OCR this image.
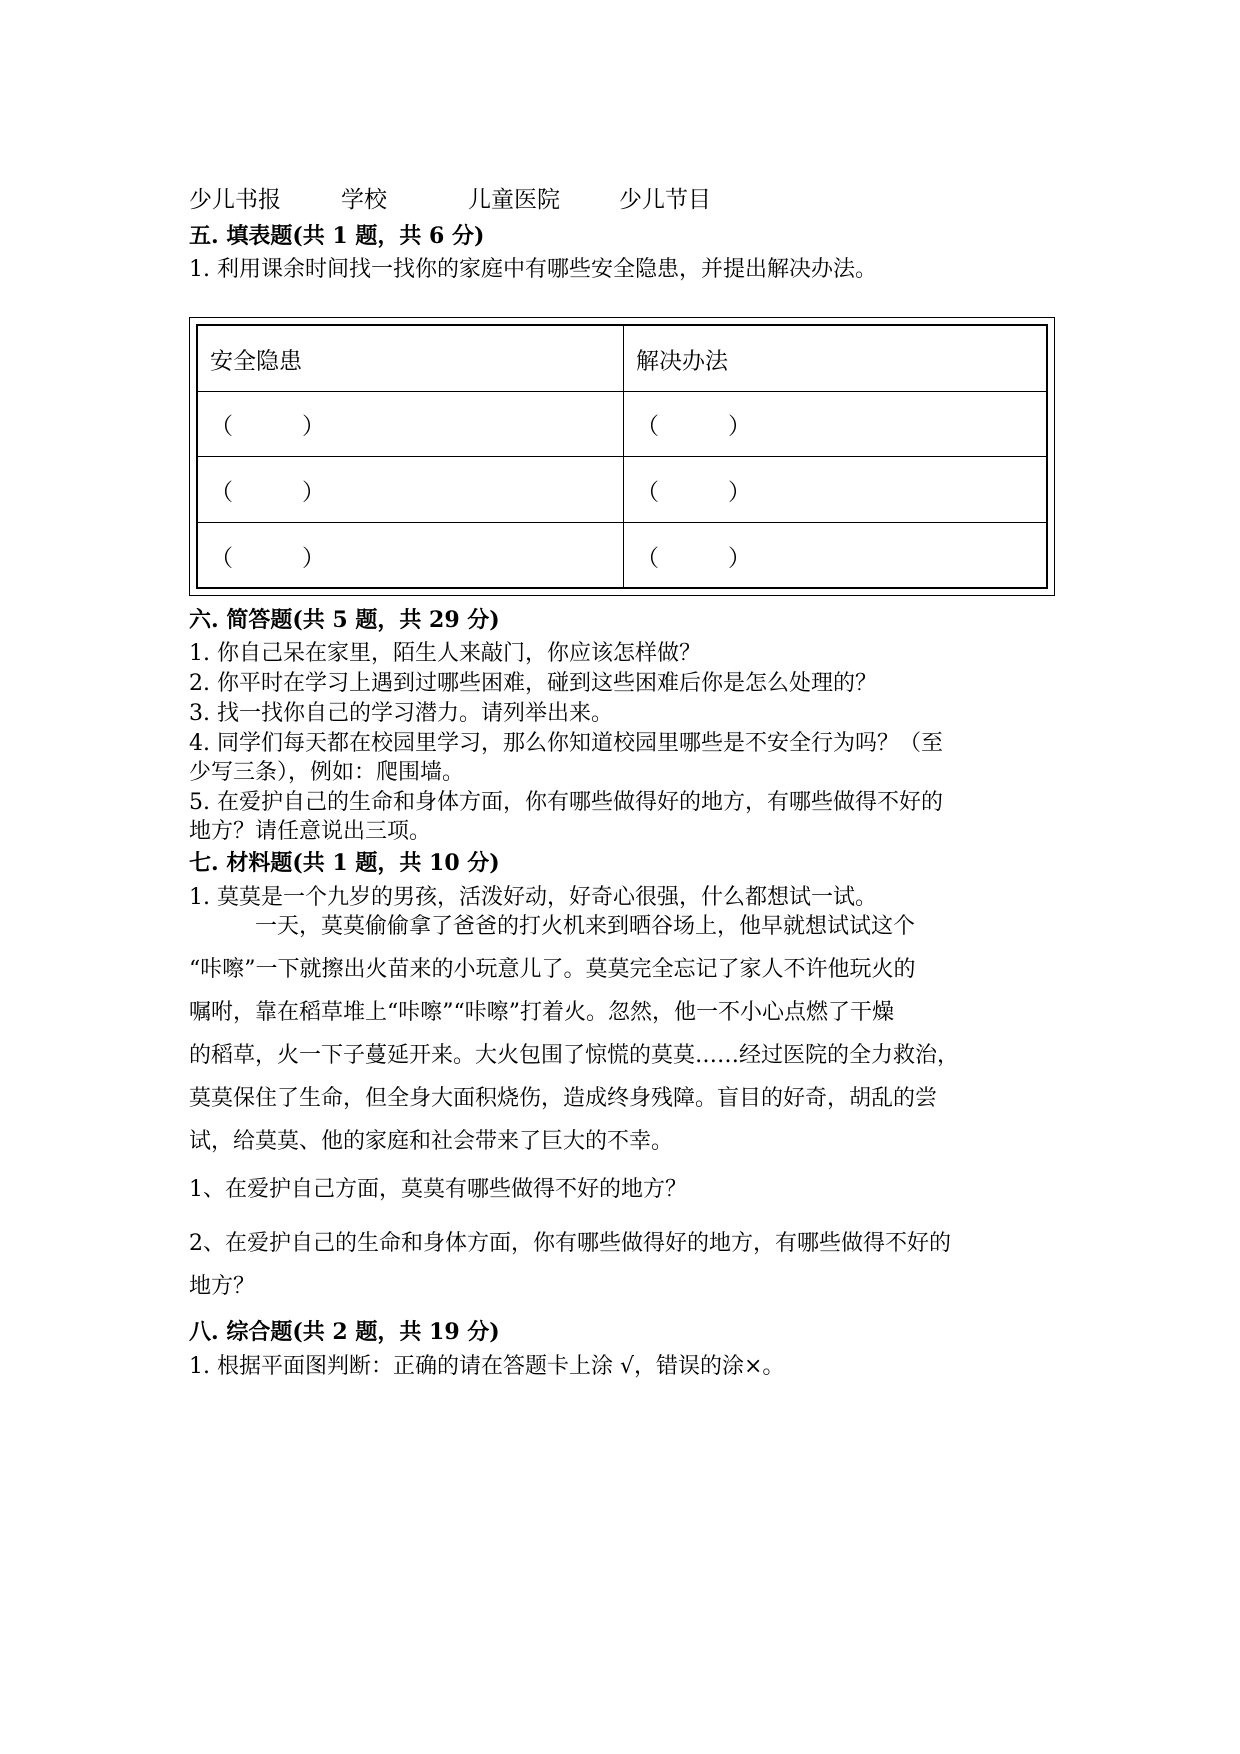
少儿书报	学校	儿童医院	少儿节目
五. 填表题(共 1 题，共 6 分)
1. 利用课余时间找一找你的家庭中有哪些安全隐患，并提出解决办法。
安全隐患	解决办法
（　　　）	（　　　）
（　　　）	（　　　）
（　　　）	（　　　）
六. 简答题(共 5 题，共 29 分)
1. 你自己呆在家里，陌生人来敲门，你应该怎样做？
2. 你平时在学习上遇到过哪些困难，碰到这些困难后你是怎么处理的？
3. 找一找你自己的学习潜力。请列举出来。
4. 同学们每天都在校园里学习，那么你知道校园里哪些是不安全行为吗？（至
少写三条），例如：爬围墙。
5. 在爱护自己的生命和身体方面，你有哪些做得好的地方，有哪些做得不好的
地方？请任意说出三项。
七. 材料题(共 1 题，共 10 分)
1. 莫莫是一个九岁的男孩，活泼好动，好奇心很强，什么都想试一试。
　　　一天，莫莫偷偷拿了爸爸的打火机来到晒谷场上，他早就想试试这个
“咔嚓”一下就擦出火苗来的小玩意儿了。莫莫完全忘记了家人不许他玩火的
嘱咐，靠在稻草堆上“咔嚓”“咔嚓”打着火。忽然，他一不小心点燃了干燥
的稻草，火一下子蔓延开来。大火包围了惊慌的莫莫……经过医院的全力救治，
莫莫保住了生命，但全身大面积烧伤，造成终身残障。盲目的好奇，胡乱的尝
试，给莫莫、他的家庭和社会带来了巨大的不幸。
1、在爱护自己方面，莫莫有哪些做得不好的地方？
2、在爱护自己的生命和身体方面，你有哪些做得好的地方，有哪些做得不好的
地方？
八. 综合题(共 2 题，共 19 分)
1. 根据平面图判断：正确的请在答题卡上涂 √，错误的涂×。
